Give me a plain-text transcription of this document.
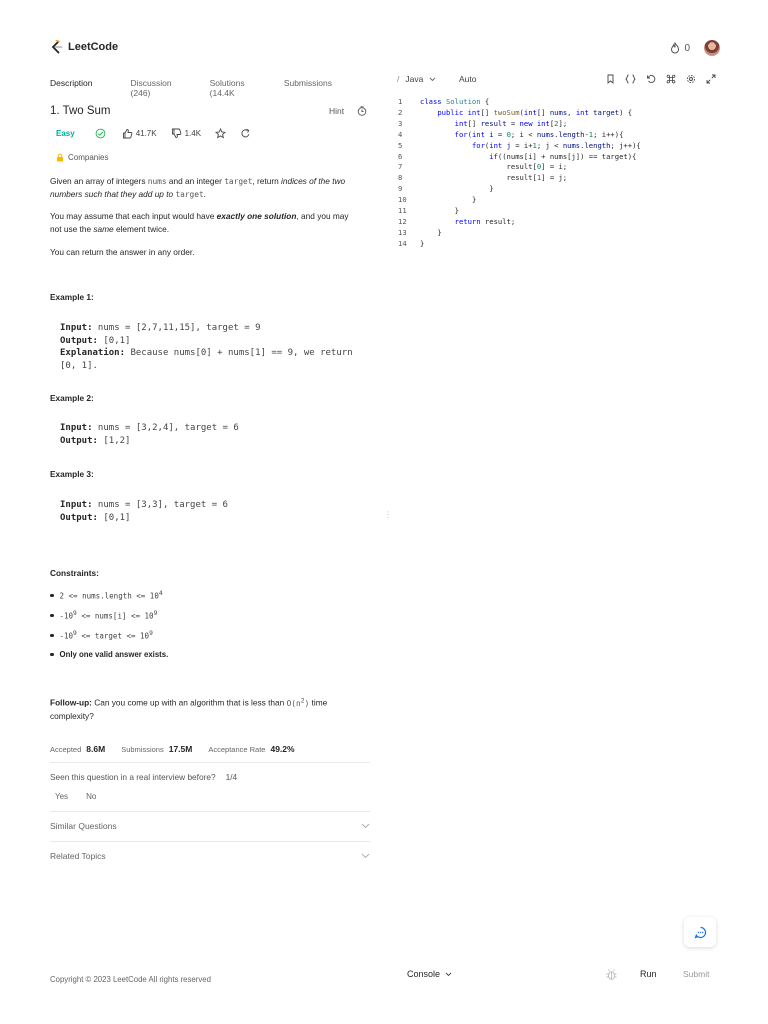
LeetCode	0
Description	Discussion (246)
Solutions (14.4K
Submissions
1. Two Sum	Hint
Easy	41.7K	1.4K
Companies
Given an array of integers nums and an integer target, return indices of the two numbers such that they add up to target.
You may assume that each input would have exactly one solution, and you may not use the same element twice.
You can return the answer in any order.
Example 1:
Input: nums = [2,7,11,15], target = 9
Output: [0,1]
Explanation: Because nums[0] + nums[1] == 9, we return
[0, 1].
Example 2:
Input: nums = [3,2,4], target = 6
Output: [1,2]
Example 3:
Input: nums = [3,3], target = 6
Output: [0,1]
Constraints:
2 <= nums.length <= $10^4$
$-10^9$ <= nums[i] <= $10^9$
$-10^9$ <= target <= $10^9$
Only one valid answer exists.
Follow-up: Can you come up with an algorithm that is less than $O(n^2)$ time complexity?
Accepted 8.6M Submissions 17.5M Acceptance Rate 49.2%
Seen this question in a real interview before? 1/4
Yes No
Similar Questions
Related Topics
/ Java	Auto
1	class Solution {
2	public int[] twoSum(int[] nums, int target) {
3	int[] result = new int[2];
4	for(int i = 0; i < nums.length-1; i++){
5	for(int j = i+1; j < nums.length; j++){
6	if((nums[i] + nums[j]) == target){
7	result[0] = i;
8	result[1] = j;
9	}
10	}
11	}
12	return result;
13	}
14	}
⋮
Copyright © 2023 LeetCode All rights reserved
Console	Run	Submit
